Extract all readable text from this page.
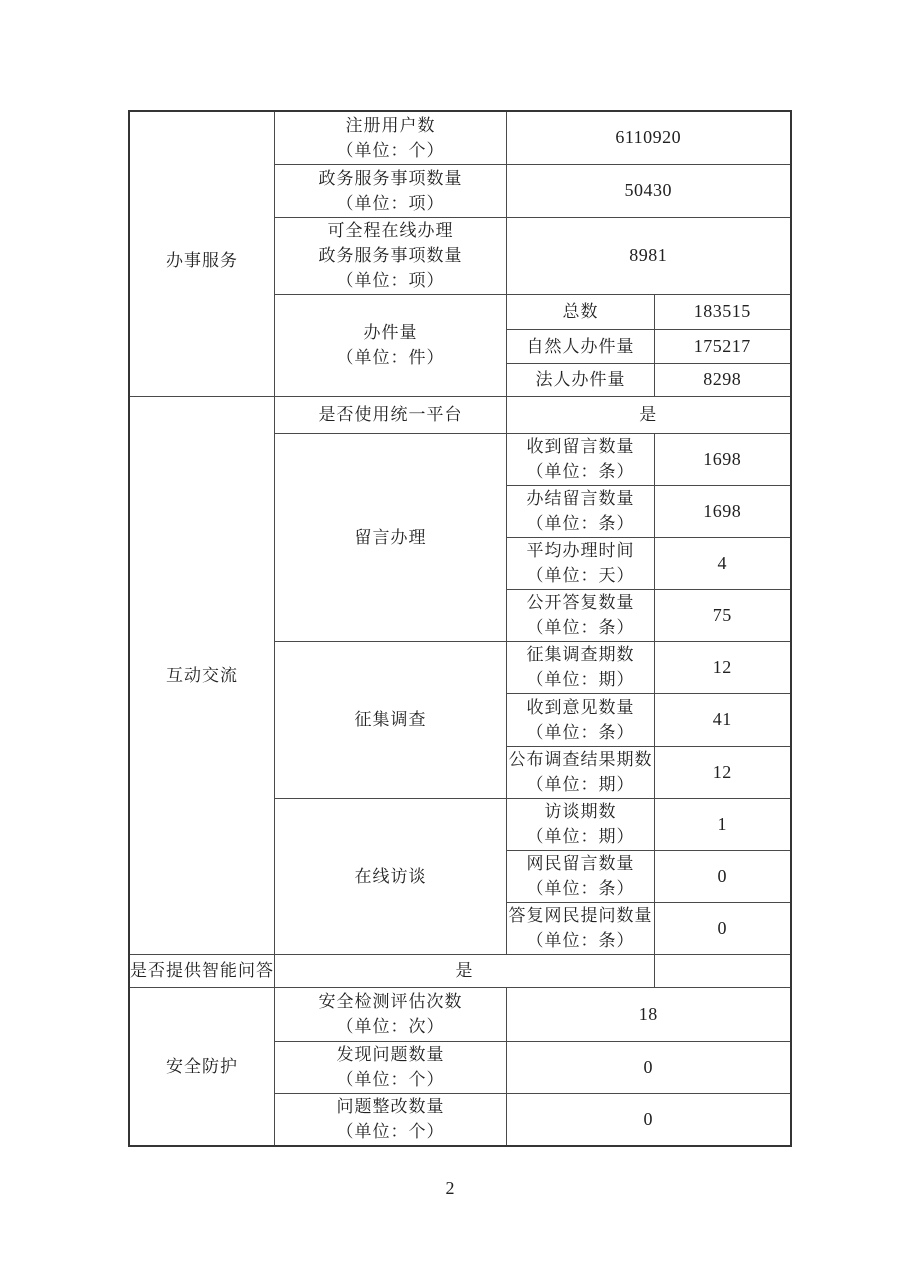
办事服务	注册用户数
（单位：个）	6110920	

	政务服务事项数量
（单位：项）	50430	

	可全程在线办理
政务服务事项数量
（单位：项）	8981	

	办件量
（单位：件）	总数	183515

		自然人办件量	175217

		法人办件量	8298

互动交流	是否使用统一平台	是	

	留言办理	收到留言数量
（单位：条）	1698

		办结留言数量
（单位：条）	1698

		平均办理时间
（单位：天）	4

		公开答复数量
（单位：条）	75

	征集调查	征集调查期数
（单位：期）	12

		收到意见数量
（单位：条）	41

		公布调查结果期数
（单位：期）	12

	在线访谈	访谈期数
（单位：期）	1

		网民留言数量
（单位：条）	0

		答复网民提问数量
（单位：条）	0

是否提供智能问答	是		

安全防护	安全检测评估次数
（单位：次）	18	

	发现问题数量
（单位：个）	0	

	问题整改数量
（单位：个）	0	
2
